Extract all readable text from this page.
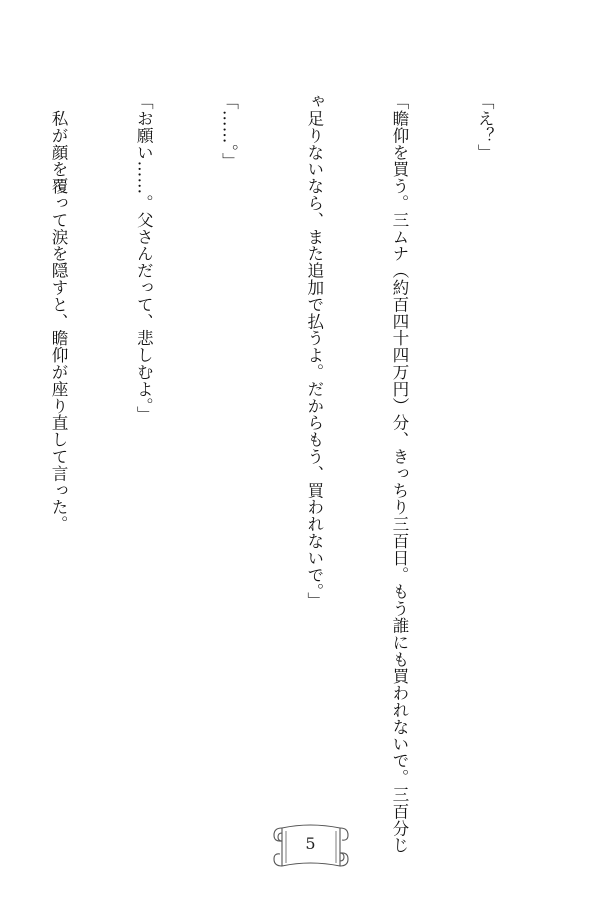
「え？」

「瞻仰を買う。三ムナ（約百四十四万円）分、きっちり三百日。もう誰にも買われないで。三百分じ

ゃ足りないなら、また追加で払うよ。だからもう、買われないで。」

「……。」

「お願い……。父さんだって、悲しむよ。」

　私が顔を覆って涙を隠すと、瞻仰が座り直して言った。

5
